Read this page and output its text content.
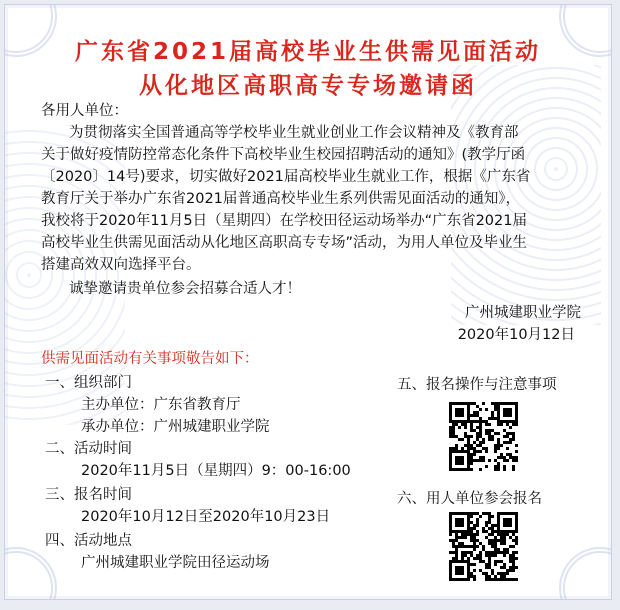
广东省2021届高校毕业生供需见面活动
从化地区高职高专专场邀请函
各用人单位：
为贯彻落实全国普通高等学校毕业生就业创业工作会议精神及《教育部
关于做好疫情防控常态化条件下高校毕业生校园招聘活动的通知》(教学厅函
〔2020〕14号)要求，切实做好2021届高校毕业生就业工作，根据《广东省
教育厅关于举办广东省2021届普通高校毕业生系列供需见面活动的通知》，
我校将于2020年11月5日（星期四）在学校田径运动场举办“广东省2021届
高校毕业生供需见面活动从化地区高职高专专场”活动，为用人单位及毕业生
搭建高效双向选择平台。
诚挚邀请贵单位参会招募合适人才！
广州城建职业学院
2020年10月12日
供需见面活动有关事项敬告如下：
一、组织部门
主办单位：广东省教育厅
承办单位：广州城建职业学院
二、活动时间
2020年11月5日（星期四）9：00-16:00
三、报名时间
2020年10月12日至2020年10月23日
四、活动地点
广州城建职业学院田径运动场
五、报名操作与注意事项
六、用人单位参会报名
